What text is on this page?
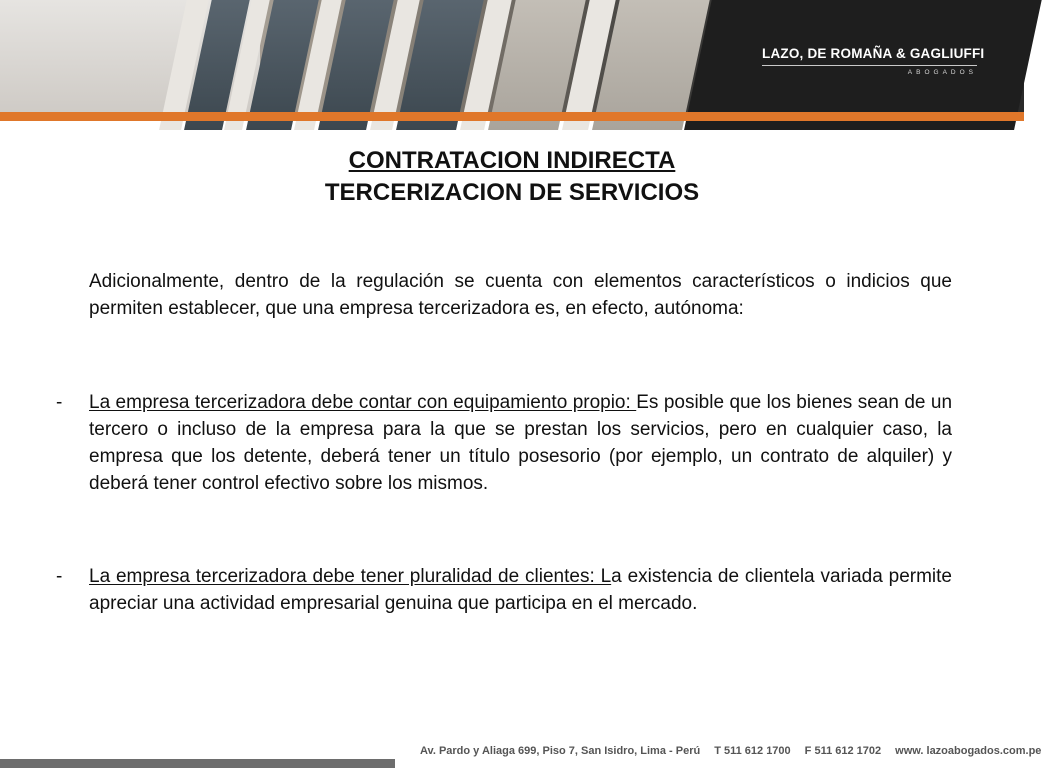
LAZO, DE ROMAÑA & GAGLIUFFI
ABOGADOS
CONTRATACION INDIRECTA
TERCERIZACION DE SERVICIOS
Adicionalmente, dentro de la regulación se cuenta con elementos característicos o indicios que permiten establecer, que una empresa tercerizadora es, en efecto, autónoma:
-	La empresa tercerizadora debe contar con equipamiento propio: Es posible que los bienes sean de un tercero o incluso de la empresa para la que se prestan los servicios, pero en cualquier caso, la empresa que los detente, deberá tener un título posesorio (por ejemplo, un contrato de alquiler) y deberá tener control efectivo sobre los mismos.
-	La empresa tercerizadora debe tener pluralidad de clientes: La existencia de clientela variada permite apreciar una actividad empresarial genuina que participa en el mercado.
Av. Pardo y Aliaga 699, Piso 7, San Isidro, Lima - Perú T 511 612 1700 F 511 612 1702 www. lazoabogados.com.pe
